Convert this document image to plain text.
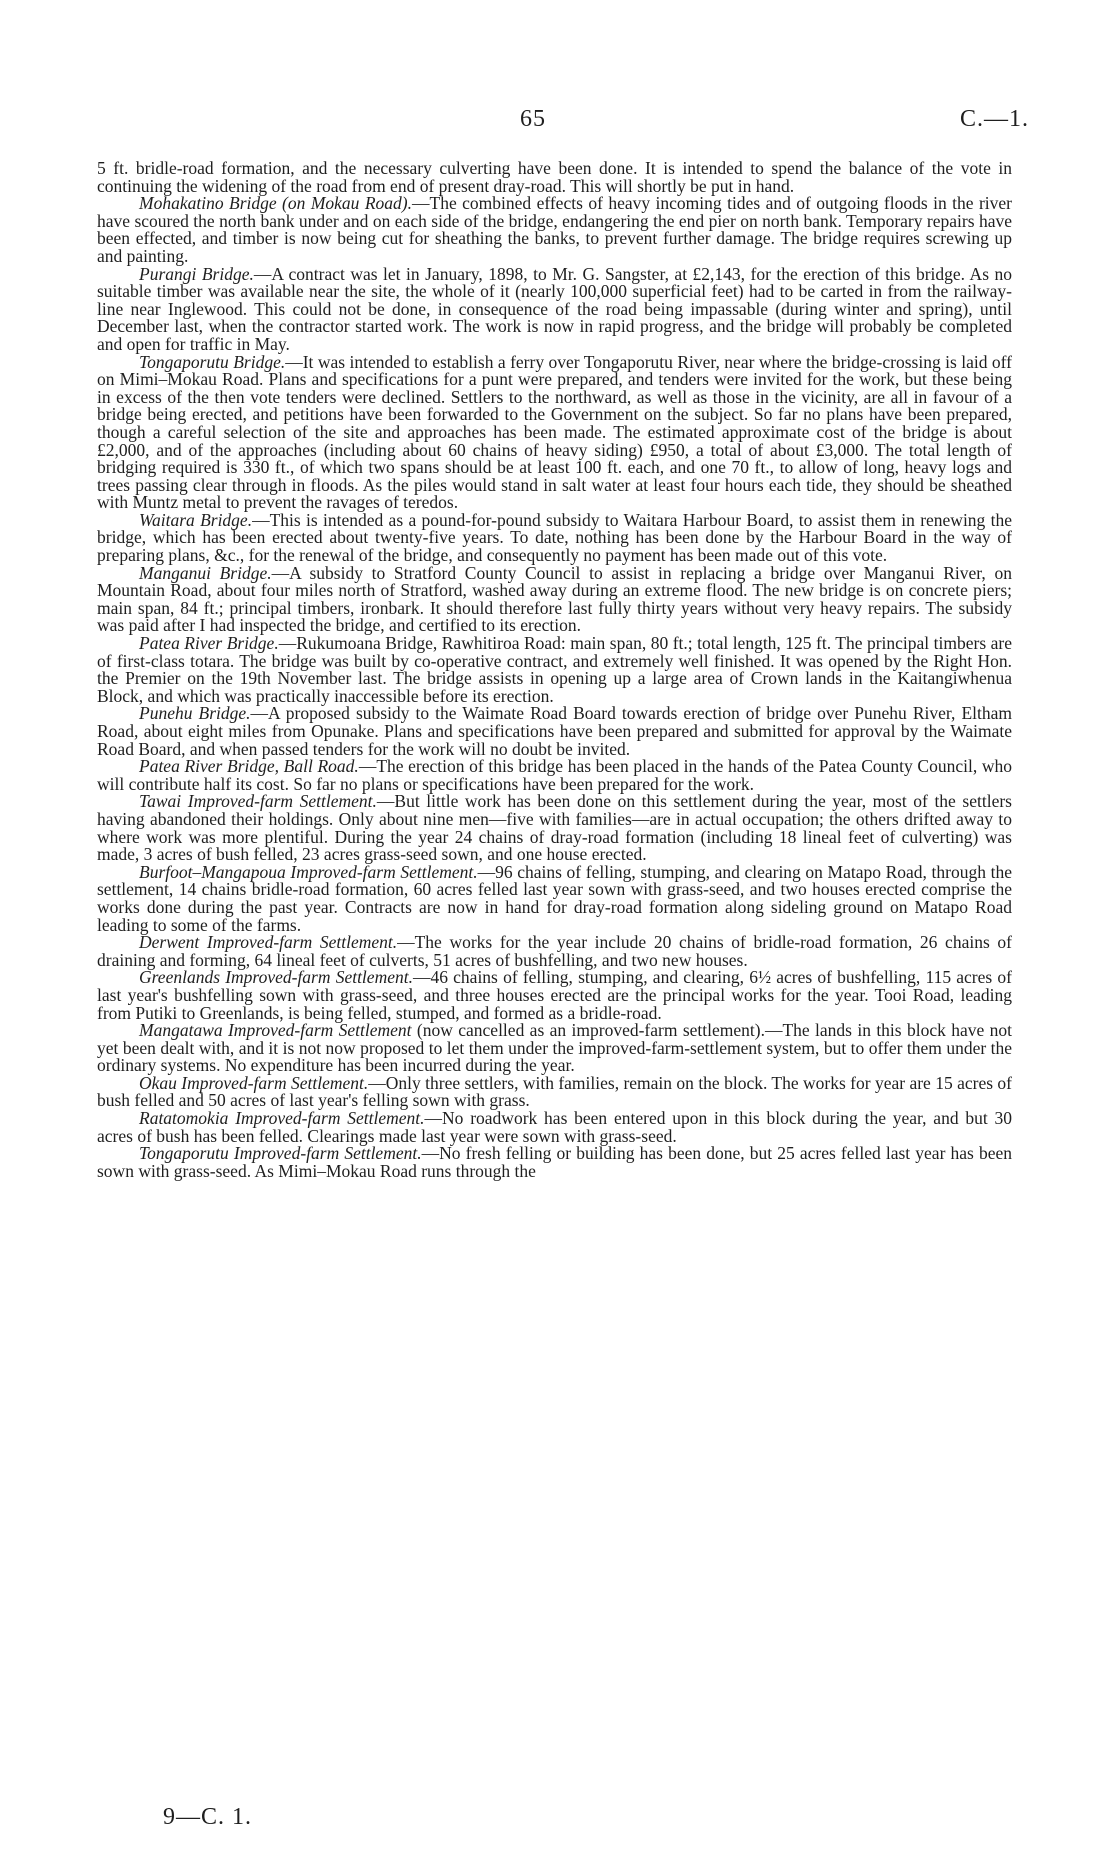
65	C.—1.

5 ft. bridle-road formation, and the necessary culverting have been done. It is intended to spend the balance of the vote in continuing the widening of the road from end of present dray-road. This will shortly be put in hand.

Mohakatino Bridge (on Mokau Road).—The combined effects of heavy incoming tides and of outgoing floods in the river have scoured the north bank under and on each side of the bridge, endangering the end pier on north bank. Temporary repairs have been effected, and timber is now being cut for sheathing the banks, to prevent further damage. The bridge requires screwing up and painting.

Purangi Bridge.—A contract was let in January, 1898, to Mr. G. Sangster, at £2,143, for the erection of this bridge. As no suitable timber was available near the site, the whole of it (nearly 100,000 superficial feet) had to be carted in from the railway-line near Inglewood. This could not be done, in consequence of the road being impassable (during winter and spring), until December last, when the contractor started work. The work is now in rapid progress, and the bridge will probably be completed and open for traffic in May.

Tongaporutu Bridge.—It was intended to establish a ferry over Tongaporutu River, near where the bridge-crossing is laid off on Mimi–Mokau Road. Plans and specifications for a punt were prepared, and tenders were invited for the work, but these being in excess of the then vote tenders were declined. Settlers to the northward, as well as those in the vicinity, are all in favour of a bridge being erected, and petitions have been forwarded to the Government on the subject. So far no plans have been prepared, though a careful selection of the site and approaches has been made. The estimated approximate cost of the bridge is about £2,000, and of the approaches (including about 60 chains of heavy siding) £950, a total of about £3,000. The total length of bridging required is 330 ft., of which two spans should be at least 100 ft. each, and one 70 ft., to allow of long, heavy logs and trees passing clear through in floods. As the piles would stand in salt water at least four hours each tide, they should be sheathed with Muntz metal to prevent the ravages of teredos.

Waitara Bridge.—This is intended as a pound-for-pound subsidy to Waitara Harbour Board, to assist them in renewing the bridge, which has been erected about twenty-five years. To date, nothing has been done by the Harbour Board in the way of preparing plans, &c., for the renewal of the bridge, and consequently no payment has been made out of this vote.

Manganui Bridge.—A subsidy to Stratford County Council to assist in replacing a bridge over Manganui River, on Mountain Road, about four miles north of Stratford, washed away during an extreme flood. The new bridge is on concrete piers; main span, 84 ft.; principal timbers, ironbark. It should therefore last fully thirty years without very heavy repairs. The subsidy was paid after I had inspected the bridge, and certified to its erection.

Patea River Bridge.—Rukumoana Bridge, Rawhitiroa Road: main span, 80 ft.; total length, 125 ft. The principal timbers are of first-class totara. The bridge was built by co-operative contract, and extremely well finished. It was opened by the Right Hon. the Premier on the 19th November last. The bridge assists in opening up a large area of Crown lands in the Kaitangiwhenua Block, and which was practically inaccessible before its erection.

Punehu Bridge.—A proposed subsidy to the Waimate Road Board towards erection of bridge over Punehu River, Eltham Road, about eight miles from Opunake. Plans and specifications have been prepared and submitted for approval by the Waimate Road Board, and when passed tenders for the work will no doubt be invited.

Patea River Bridge, Ball Road.—The erection of this bridge has been placed in the hands of the Patea County Council, who will contribute half its cost. So far no plans or specifications have been prepared for the work.

Tawai Improved-farm Settlement.—But little work has been done on this settlement during the year, most of the settlers having abandoned their holdings. Only about nine men—five with families—are in actual occupation; the others drifted away to where work was more plentiful. During the year 24 chains of dray-road formation (including 18 lineal feet of culverting) was made, 3 acres of bush felled, 23 acres grass-seed sown, and one house erected.

Burfoot–Mangapoua Improved-farm Settlement.—96 chains of felling, stumping, and clearing on Matapo Road, through the settlement, 14 chains bridle-road formation, 60 acres felled last year sown with grass-seed, and two houses erected comprise the works done during the past year. Contracts are now in hand for dray-road formation along sideling ground on Matapo Road leading to some of the farms.

Derwent Improved-farm Settlement.—The works for the year include 20 chains of bridle-road formation, 26 chains of draining and forming, 64 lineal feet of culverts, 51 acres of bushfelling, and two new houses.

Greenlands Improved-farm Settlement.—46 chains of felling, stumping, and clearing, 6½ acres of bushfelling, 115 acres of last year's bushfelling sown with grass-seed, and three houses erected are the principal works for the year. Tooi Road, leading from Putiki to Greenlands, is being felled, stumped, and formed as a bridle-road.

Mangatawa Improved-farm Settlement (now cancelled as an improved-farm settlement).—The lands in this block have not yet been dealt with, and it is not now proposed to let them under the improved-farm-settlement system, but to offer them under the ordinary systems. No expenditure has been incurred during the year.

Okau Improved-farm Settlement.—Only three settlers, with families, remain on the block. The works for year are 15 acres of bush felled and 50 acres of last year's felling sown with grass.

Ratatomokia Improved-farm Settlement.—No roadwork has been entered upon in this block during the year, and but 30 acres of bush has been felled. Clearings made last year were sown with grass-seed.

Tongaporutu Improved-farm Settlement.—No fresh felling or building has been done, but 25 acres felled last year has been sown with grass-seed. As Mimi–Mokau Road runs through the

9—C. 1.
